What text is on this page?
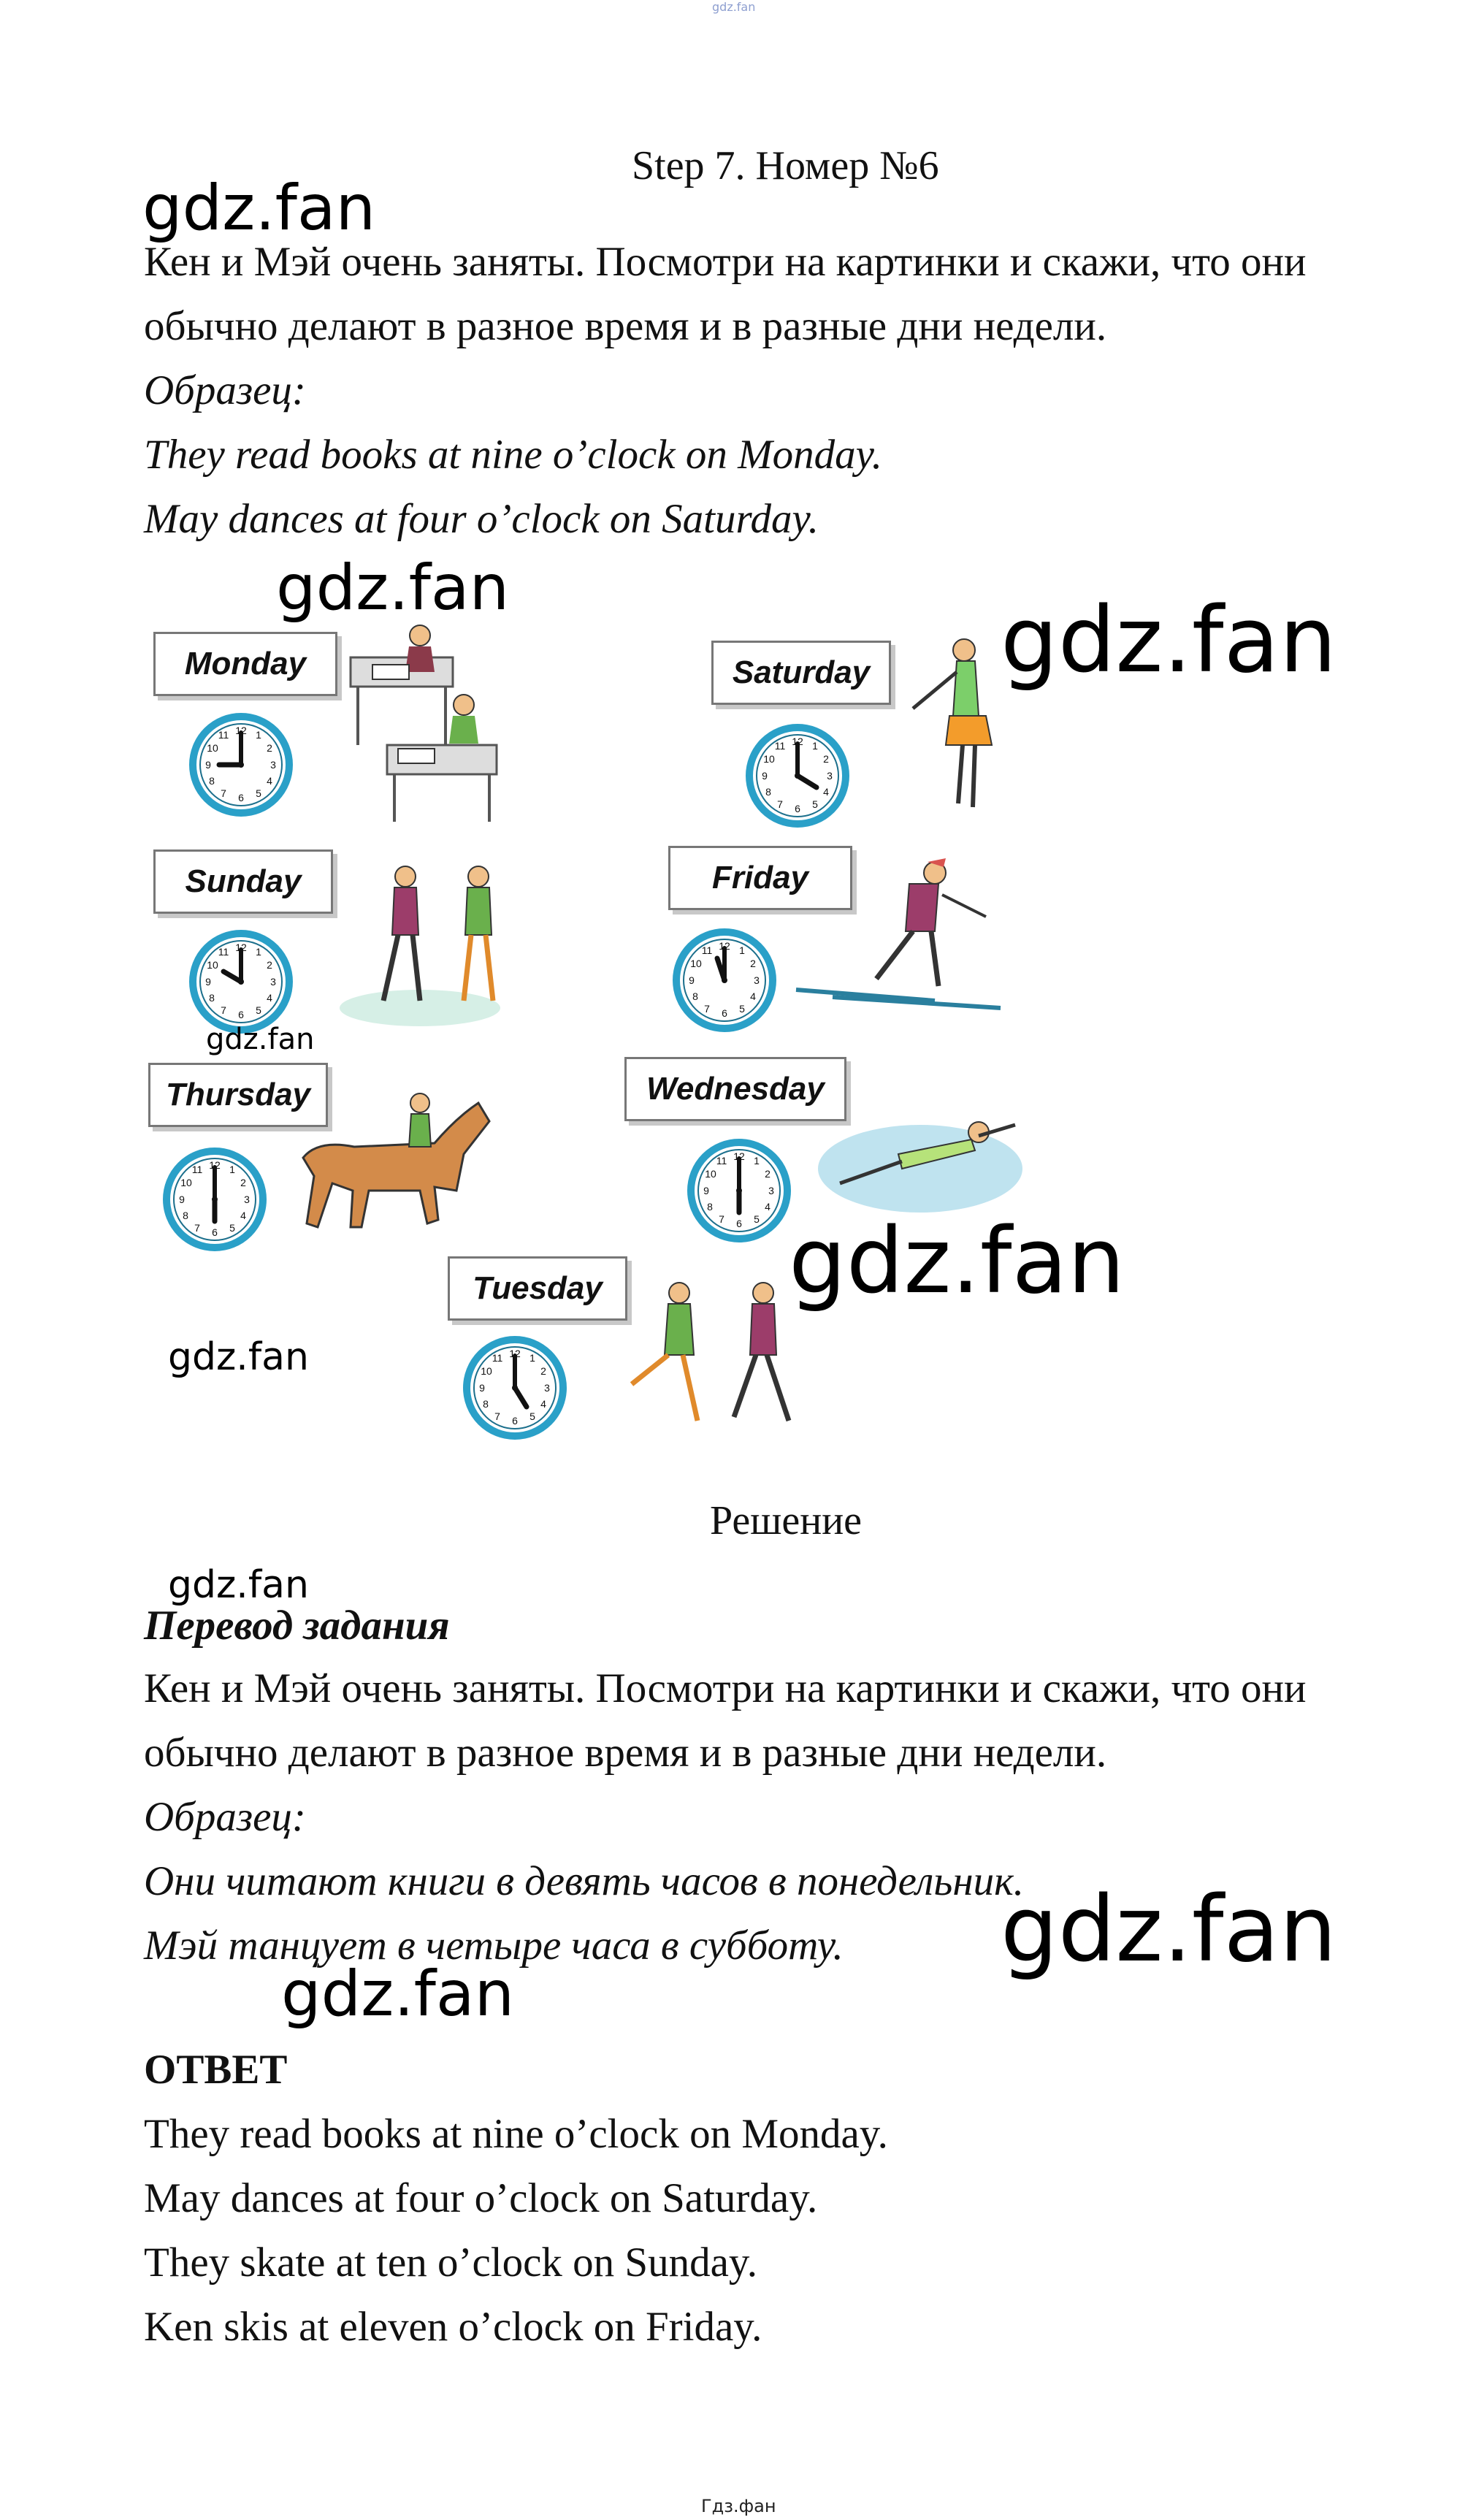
gdz.fan
Step 7. Номер №6
gdz.fan
Кен и Мэй очень заняты. Посмотри на картинки и скажи, что они
обычно делают в разное время и в разные дни недели.
Образец:
They read books at nine o’clock on Monday.
May dances at four o’clock on Saturday.
gdz.fan	gdz.fan
Monday	Saturday
Sunday	Friday
Thursday	Wednesday
Tuesday
gdz.fan
gdz.fan
gdz.fan
Решение
gdz.fan
Перевод задания
Кен и Мэй очень заняты. Посмотри на картинки и скажи, что они
обычно делают в разное время и в разные дни недели.
Образец:
Они читают книги в девять часов в понедельник.
Мэй танцует в четыре часа в субботу.	gdz.fan
gdz.fan
ОТВЕТ
They read books at nine o’clock on Monday.
May dances at four o’clock on Saturday.
They skate at ten o’clock on Sunday.
Ken skis at eleven o’clock on Friday.
Гдз.фан
